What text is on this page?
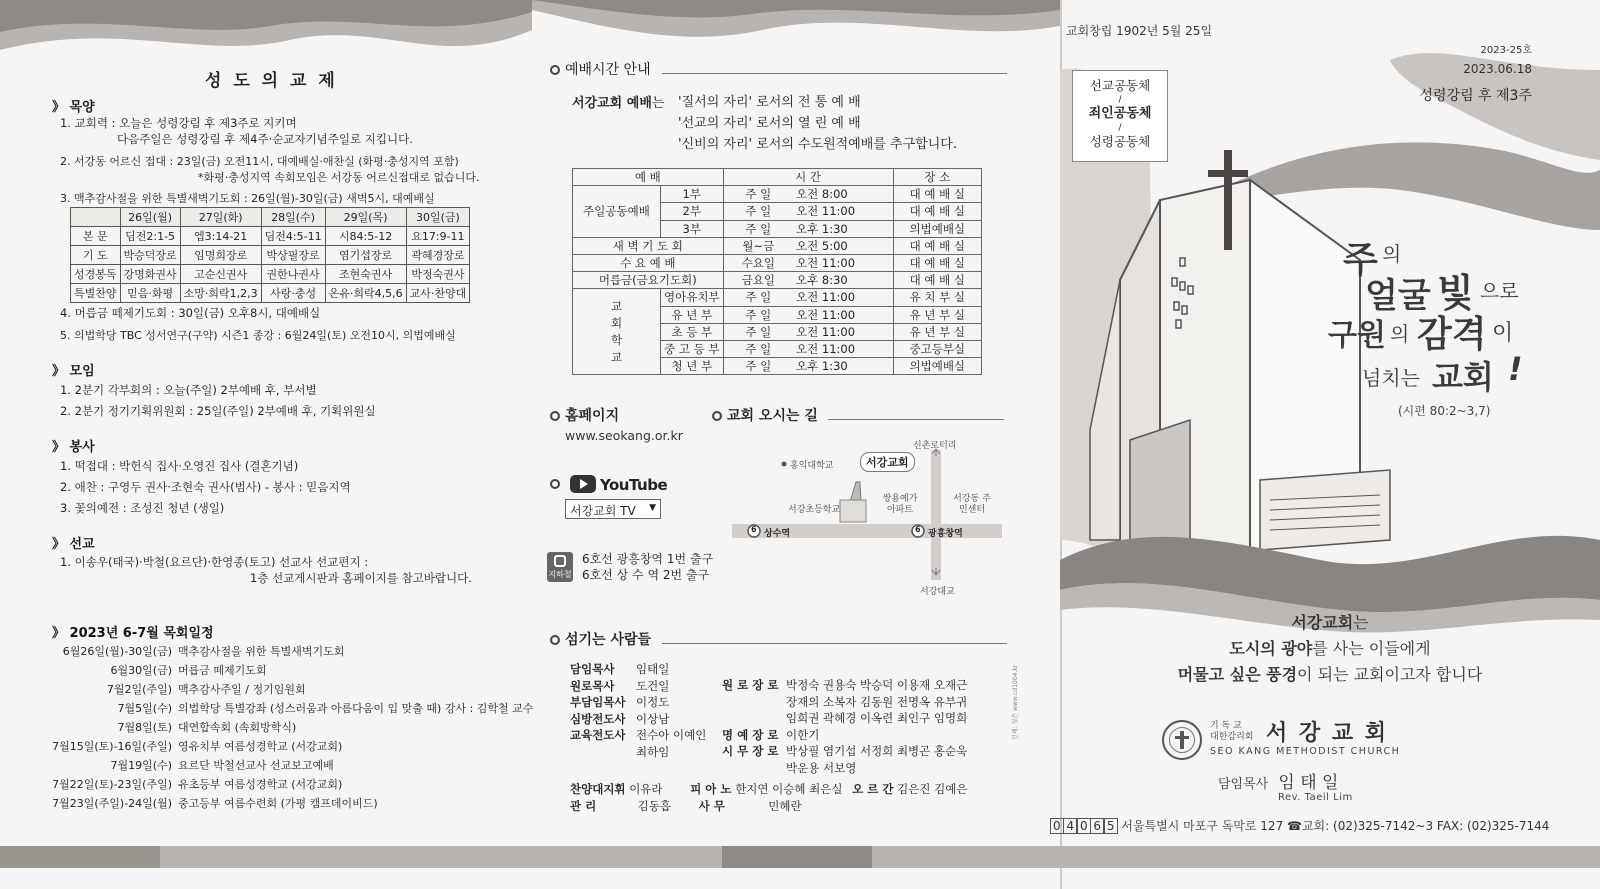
성 도 의 교 제
》 목양
1. 교회력 : 오늘은 성령강림 후 제3주로 지키며
다음주일은 성령강림 후 제4주·순교자기념주일로 지킵니다.
2. 서강동 어르신 접대 : 23일(금) 오전11시, 대예배실·애찬실 (화평·충성지역 포함)
*화평·충성지역 속회모임은 서강동 어르신접대로 없습니다.
3. 맥추감사절을 위한 특별새벽기도회 : 26일(월)-30일(금) 새벽5시, 대예배실
	26일(월)	27일(화)	28일(수)	29일(목)	30일(금)
본 문	딤전2:1-5	엡3:14-21	딤전4:5-11	시84:5-12	요17:9-11
기 도	박승덕장로	임명희장로	박상필장로	염기섭장로	곽혜경장로
성경봉독	강명화권사	고순신권사	권한나권사	조현숙권사	박정숙권사
특별찬양	믿음·화평	소망·희락1,2,3	사랑·충성	온유·희락4,5,6	교사·찬양대
4. 머릅금 떼제기도회 : 30일(금) 오후8시, 대예배실
5. 의법학당 TBC 성서연구(구약) 시즌1 종강 : 6월24일(토) 오전10시, 의법예배실
》 모임
1. 2분기 각부회의 : 오늘(주일) 2부예배 후, 부서별
2. 2분기 정기기획위원회 : 25일(주일) 2부예배 후, 기획위원실
》 봉사
1. 떡접대 : 박헌식 집사·오영진 집사 (결혼기념)
2. 애찬 : 구영두 권사·조현숙 권사(범사) - 봉사 : 믿음지역
3. 꽃의예전 : 조성진 청년 (생일)
》 선교
1. 이송우(태국)·박철(요르단)·한영종(토고) 선교사 선교편지 :
1층 선교게시판과 홈페이지를 참고바랍니다.
》 2023년 6-7월 목회일정
6월26일(월)-30일(금) 맥추감사절을 위한 특별새벽기도회
6월30일(금) 머릅금 떼제기도회
7월2일(주일) 맥추감사주일 / 정기임원회
7월5일(수) 의법학당 특별강좌 (성스러움과 아름다움이 입 맞출 때) 강사 : 김학철 교수
7월8일(토) 대연합속회 (속회방학식)
7월15일(토)-16일(주일) 영유치부 여름성경학교 (서강교회)
7월19일(수) 요르단 박철선교사 선교보고예배
7월22일(토)-23일(주일) 유초등부 여름성경학교 (서강교회)
7월23일(주일)-24일(월) 중고등부 여름수련회 (가평 캠프데이비드)
예배시간 안내
서강교회 예배는 '질서의 자리' 로서의 전 통 예 배
'선교의 자리' 로서의 열 린 예 배
'신비의 자리' 로서의 수도원적예배를 추구합니다.
예 배		시 간		장 소
주일공동예배	1부	주 일	오전 8:00	대 예 배 실
	2부	주 일	오전 11:00	대 예 배 실
	3부	주 일	오후 1:30	의법예배실
새 벽 기 도 회		월~금	오전 5:00	대 예 배 실
수 요 예 배		수요일	오전 11:00	대 예 배 실
머릅금(금요기도회)		금요일	오후 8:30	대 예 배 실

교
회
학
교	영아유치부	주 일	오전 11:00	유 치 부 실
	유 년 부	주 일	오전 11:00	유 년 부 실
	초 등 부	주 일	오전 11:00	유 년 부 실
	중 고 등 부	주 일	오전 11:00	중고등부실
	청 년 부	주 일	오후 1:30	의법예배실
홈페이지
www.seokang.or.kr
YouTube
서강교회 TV ▼
지하철
6호선 광흥창역 1번 출구
6호선 상 수 역 2번 출구
교회 오시는 길
신촌로터리
홍익대학교	서강교회
서강초등학교
쌍용예가 아파트
서강동 주민센터
6 상수역	6 광흥창역
서강대교
섬기는 사람들
담임목사 임태일
원로목사 도건일
부담임목사 이정도
심방전도사 이상남
교육전도사 전수아 이예인
최하임
원 로 장 로 박정숙 권용숙 박승덕 이용재 오재근
장재의 소복자 김동원 전명옥 유부귀
임희권 곽혜경 이옥련 최인구 임명희
명 예 장 로 이한기
시 무 장 로 박상필 염기섭 서정희 최병곤 홍순욱
박운용 서보영
찬양대지휘 이유라 피 아 노 한지연 이승혜 최은실 오 르 간 김은진 김예은
관 리	김동흡 사 무	민혜란
인쇄: 성은 www.cd1004.kr
교회창립 1902년 5월 25일
2023-25호
2023.06.18
성령강림 후 제3주
선교공동체
/
죄인공동체
/
성령공동체
주 의
얼굴 빛 으로
구원 의 감격 이
넘치는 교회 !
(시편 80:2~3,7)
서강교회는
도시의 광야를 사는 이들에게
머물고 싶은 풍경이 되는 교회이고자 합니다
기 독 교
대한감리회 서 강 교 회
SEO KANG METHODIST CHURCH
담임목사 임 태 일
Rev. Taeil Lim
0 4 0 6 5 서울특별시 마포구 독막로 127 ☎교회: (02)325-7142~3 FAX: (02)325-7144
